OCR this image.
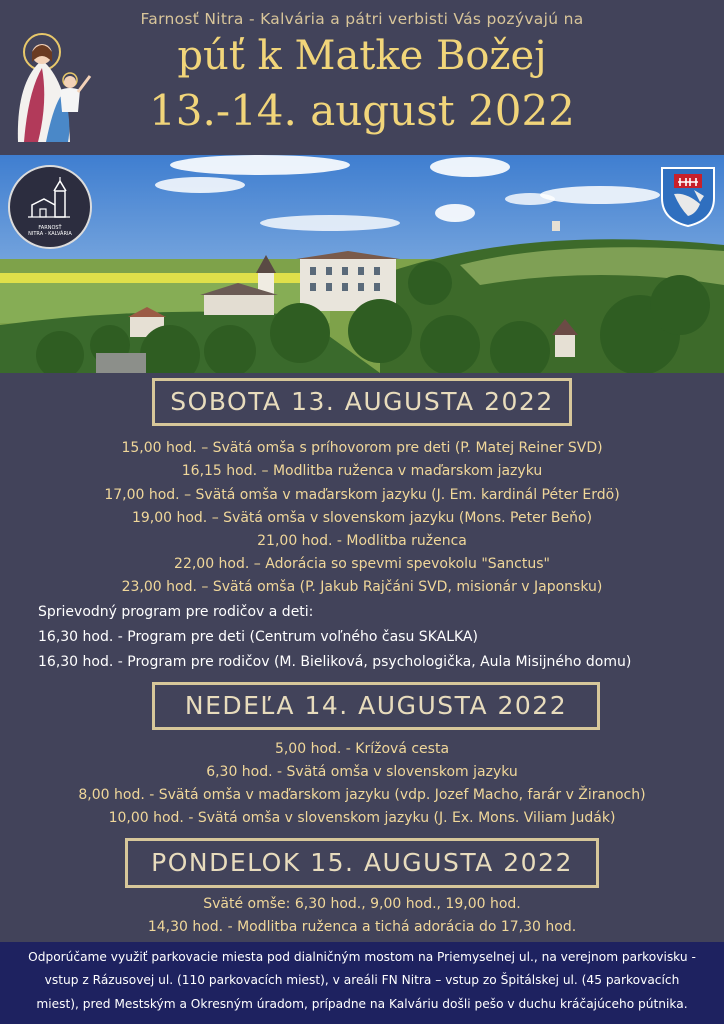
Farnosť Nitra - Kalvária a pátri verbisti Vás pozývajú na
púť k Matke Božej
13.-14. august 2022
FARNOSŤ
NITRA - KALVÁRIA
SOBOTA 13. AUGUSTA 2022
15,00 hod. – Svätá omša s príhovorom pre deti (P. Matej Reiner SVD)
16,15 hod. – Modlitba ruženca v maďarskom jazyku
17,00 hod. – Svätá omša v maďarskom jazyku (J. Em. kardinál Péter Erdö)
19,00 hod. – Svätá omša v slovenskom jazyku (Mons. Peter Beňo)
21,00 hod. - Modlitba ruženca
22,00 hod. – Adorácia so spevmi spevokolu "Sanctus"
23,00 hod. – Svätá omša (P. Jakub Rajčáni SVD, misionár v Japonsku)
Sprievodný program pre rodičov a deti:
16,30 hod. - Program pre deti (Centrum voľného času SKALKA)
16,30 hod. - Program pre rodičov (M. Bieliková, psychologička, Aula Misijného domu)
NEDEĽA 14. AUGUSTA 2022
5,00 hod. - Krížová cesta
6,30 hod. - Svätá omša v slovenskom jazyku
8,00 hod. - Svätá omša v maďarskom jazyku (vdp. Jozef Macho, farár v Žiranoch)
10,00 hod. - Svätá omša v slovenskom jazyku (J. Ex. Mons. Viliam Judák)
PONDELOK 15. AUGUSTA 2022
Sväté omše: 6,30 hod., 9,00 hod., 19,00 hod.
14,30 hod. - Modlitba ruženca a tichá adorácia do 17,30 hod.
Odporúčame využiť parkovacie miesta pod dialničným mostom na Priemyselnej ul., na verejnom parkovisku -
vstup z Rázusovej ul. (110 parkovacích miest), v areáli FN Nitra – vstup zo Špitálskej ul. (45 parkovacích
miest), pred Mestským a Okresným úradom, prípadne na Kalváriu došli pešo v duchu kráčajúceho pútnika.
